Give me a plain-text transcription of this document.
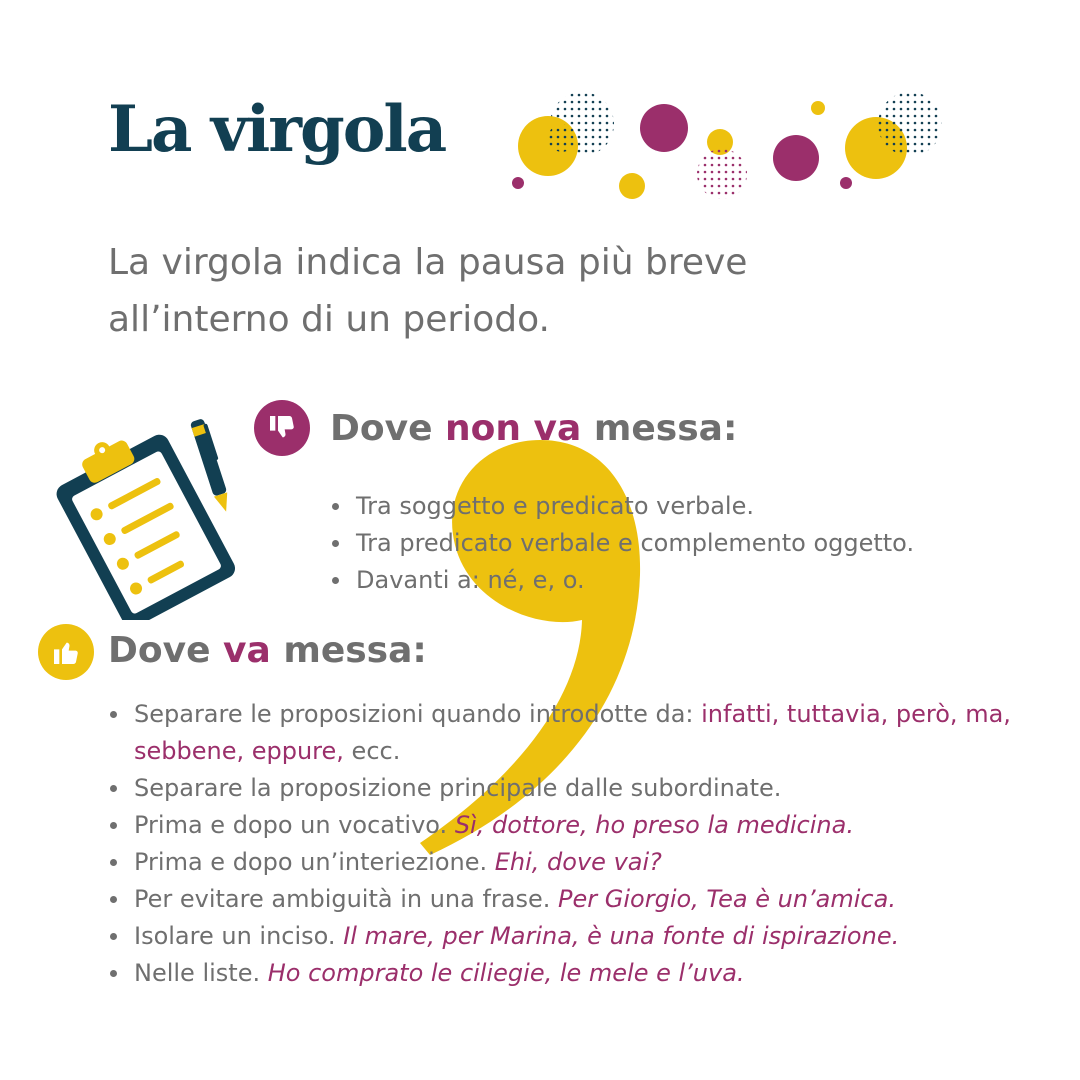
La virgola
La virgola indica la pausa più breve all’interno di un periodo.
Dove non va messa:
Tra soggetto e predicato verbale.
Tra predicato verbale e complemento oggetto.
Davanti a: né, e, o.
Dove va messa:
Separare le proposizioni quando introdotte da: infatti, tuttavia, però, ma, sebbene, eppure, ecc.
Separare la proposizione principale dalle subordinate.
Prima e dopo un vocativo. Sì, dottore, ho preso la medicina.
Prima e dopo un’interiezione. Ehi, dove vai?
Per evitare ambiguità in una frase. Per Giorgio, Tea è un’amica.
Isolare un inciso. Il mare, per Marina, è una fonte di ispirazione.
Nelle liste. Ho comprato le ciliegie, le mele e l’uva.
